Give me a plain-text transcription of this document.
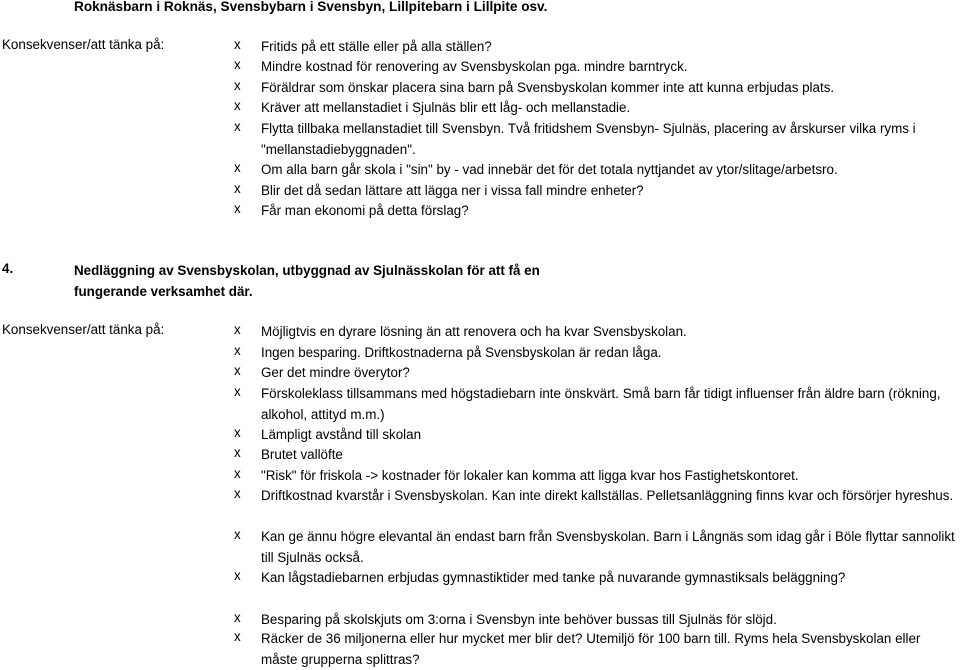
Roknäsbarn i Roknäs, Svensbybarn i Svensbyn, Lillpitebarn i Lillpite osv.
Konsekvenser/att tänka på:	x Fritids på ett ställe eller på alla ställen?
x Mindre kostnad för renovering av Svensbyskolan pga. mindre barntryck.
x Föräldrar som önskar placera sina barn på Svensbyskolan kommer inte att kunna erbjudas plats.
x Kräver att mellanstadiet i Sjulnäs blir ett låg- och mellanstadie.
x Flytta tillbaka mellanstadiet till Svensbyn. Två fritidshem Svensbyn- Sjulnäs, placering av årskurser vilka ryms i "mellanstadiebyggnaden".
x Om alla barn går skola i "sin" by - vad innebär det för det totala nyttjandet av ytor/slitage/arbetsro.
x Blir det då sedan lättare att lägga ner i vissa fall mindre enheter?
x Får man ekonomi på detta förslag?
4.	Nedläggning av Svensbyskolan, utbyggnad av Sjulnässkolan för att få en fungerande verksamhet där.
Konsekvenser/att tänka på:	x Möjligtvis en dyrare lösning än att renovera och ha kvar Svensbyskolan.
x Ingen besparing. Driftkostnaderna på Svensbyskolan är redan låga.
x Ger det mindre överytor?
x Förskoleklass tillsammans med högstadiebarn inte önskvärt. Små barn får tidigt influenser från äldre barn (rökning, alkohol, attityd m.m.)
x Lämpligt avstånd till skolan
x Brutet vallöfte
x "Risk" för friskola -> kostnader för lokaler kan komma att ligga kvar hos Fastighetskontoret.
x Driftkostnad kvarstår i Svensbyskolan. Kan inte direkt kallställas. Pelletsanläggning finns kvar och försörjer hyreshus.
x Kan ge ännu högre elevantal än endast barn från Svensbyskolan. Barn i Långnäs som idag går i Böle flyttar sannolikt till Sjulnäs också.
x Kan lågstadiebarnen erbjudas gymnastiktider med tanke på nuvarande gymnastiksals beläggning?
x Besparing på skolskjuts om 3:orna i Svensbyn inte behöver bussas till Sjulnäs för slöjd.
x Räcker de 36 miljonerna eller hur mycket mer blir det? Utemiljö för 100 barn till. Ryms hela Svensbyskolan eller måste grupperna splittras?
